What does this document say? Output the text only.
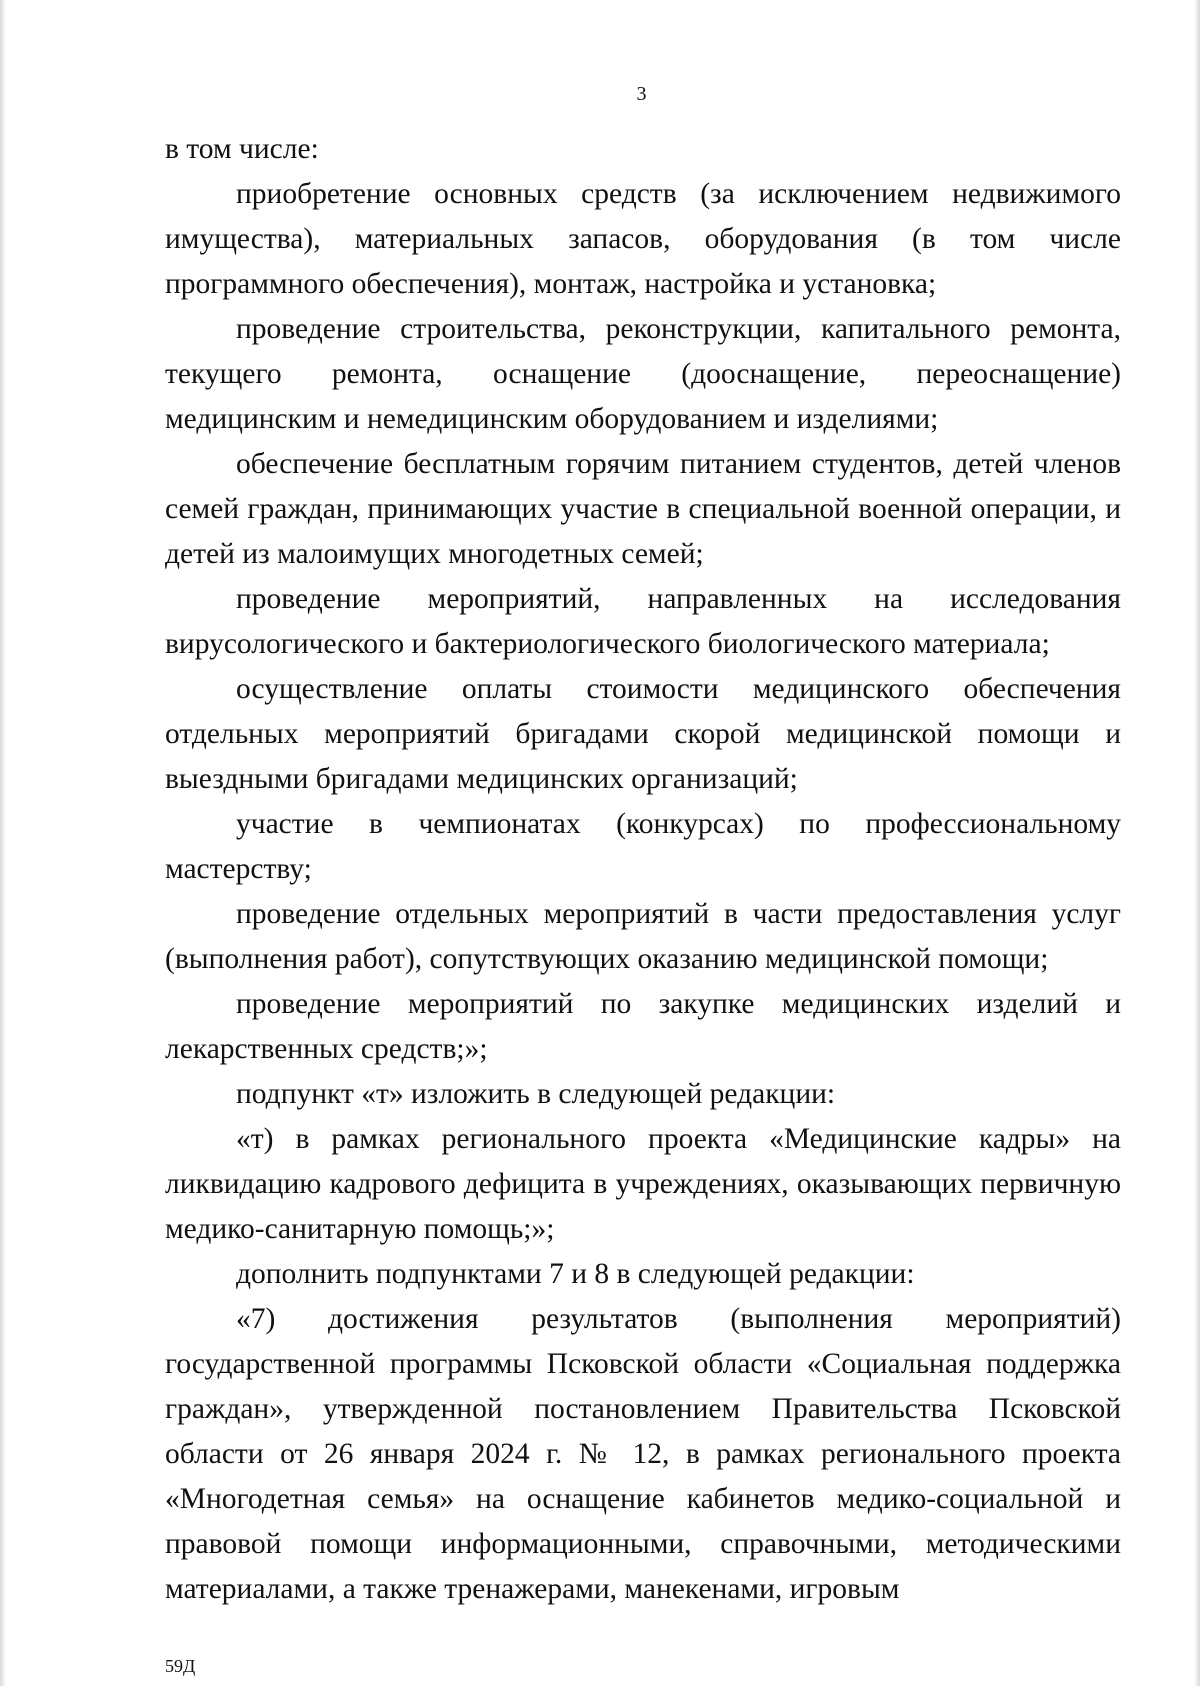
3

в том числе:

приобретение основных средств (за исключением недвижимого имущества), материальных запасов, оборудования (в том числе программного обеспечения), монтаж, настройка и установка;

проведение строительства, реконструкции, капитального ремонта, текущего ремонта, оснащение (дооснащение, переоснащение) медицинским и немедицинским оборудованием и изделиями;

обеспечение бесплатным горячим питанием студентов, детей членов семей граждан, принимающих участие в специальной военной операции, и детей из малоимущих многодетных семей;

проведение мероприятий, направленных на исследования вирусологического и бактериологического биологического материала;

осуществление оплаты стоимости медицинского обеспечения отдельных мероприятий бригадами скорой медицинской помощи и выездными бригадами медицинских организаций;

участие в чемпионатах (конкурсах) по профессиональному мастерству;

проведение отдельных мероприятий в части предоставления услуг (выполнения работ), сопутствующих оказанию медицинской помощи;

проведение мероприятий по закупке медицинских изделий и лекарственных средств;»;

подпункт «т» изложить в следующей редакции:

«т) в рамках регионального проекта «Медицинские кадры» на ликвидацию кадрового дефицита в учреждениях, оказывающих первичную медико-санитарную помощь;»;

дополнить подпунктами 7 и 8 в следующей редакции:

«7) достижения результатов (выполнения мероприятий) государственной программы Псковской области «Социальная поддержка граждан», утвержденной постановлением Правительства Псковской области от 26 января 2024 г. № 12, в рамках регионального проекта «Многодетная семья» на оснащение кабинетов медико-социальной и правовой помощи информационными, справочными, методическими материалами, а также тренажерами, манекенами, игровым

59Д
